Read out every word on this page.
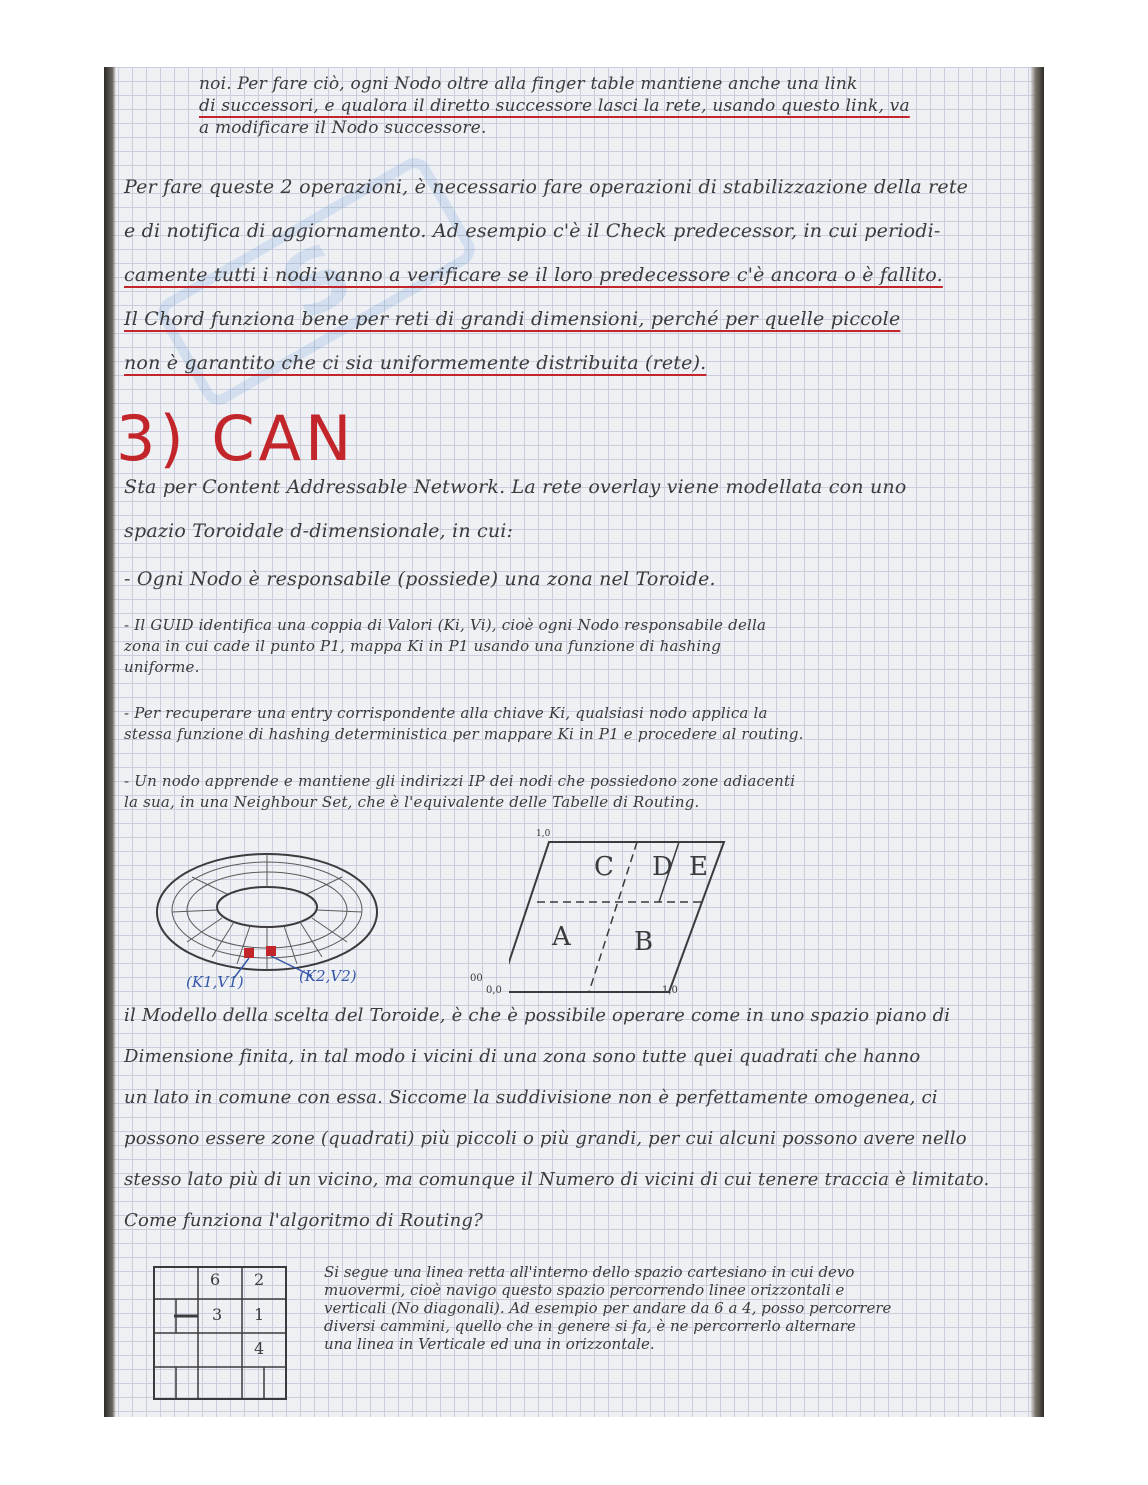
S
noi. Per fare ciò, ogni Nodo oltre alla finger table mantiene anche una link
di successori, e qualora il diretto successore lasci la rete, usando questo link, va
a modificare il Nodo successore.
Per fare queste 2 operazioni, è necessario fare operazioni di stabilizzazione della rete
e di notifica di aggiornamento. Ad esempio c'è il Check predecessor, in cui periodi-
camente tutti i nodi vanno a verificare se il loro predecessore c'è ancora o è fallito.
Il Chord funziona bene per reti di grandi dimensioni, perché per quelle piccole
non è garantito che ci sia uniformemente distribuita (rete).
3) CAN
Sta per Content Addressable Network. La rete overlay viene modellata con uno
spazio Toroidale d-dimensionale, in cui:
- Ogni Nodo è responsabile (possiede) una zona nel Toroide.
- Il GUID identifica una coppia di Valori (Ki, Vi), cioè ogni Nodo responsabile della
zona in cui cade il punto P1, mappa Ki in P1 usando una funzione di hashing
uniforme.
- Per recuperare una entry corrispondente alla chiave Ki, qualsiasi nodo applica la
stessa funzione di hashing deterministica per mappare Ki in P1 e procedere al routing.
- Un nodo apprende e mantiene gli indirizzi IP dei nodi che possiedono zone adiacenti
la sua, in una Neighbour Set, che è l'equivalente delle Tabelle di Routing.
(K1,V1)	(K2,V2)
C D E
A B
1,0
00
0,0	1,0
il Modello della scelta del Toroide, è che è possibile operare come in uno spazio piano di
Dimensione finita, in tal modo i vicini di una zona sono tutte quei quadrati che hanno
un lato in comune con essa. Siccome la suddivisione non è perfettamente omogenea, ci
possono essere zone (quadrati) più piccoli o più grandi, per cui alcuni possono avere nello
stesso lato più di un vicino, ma comunque il Numero di vicini di cui tenere traccia è limitato.
Come funziona l'algoritmo di Routing?
6 2
3 1
4
Si segue una linea retta all'interno dello spazio cartesiano in cui devo
muovermi, cioè navigo questo spazio percorrendo linee orizzontali e
verticali (No diagonali). Ad esempio per andare da 6 a 4, posso percorrere
diversi cammini, quello che in genere si fa, è ne percorrerlo alternare
una linea in Verticale ed una in orizzontale.
